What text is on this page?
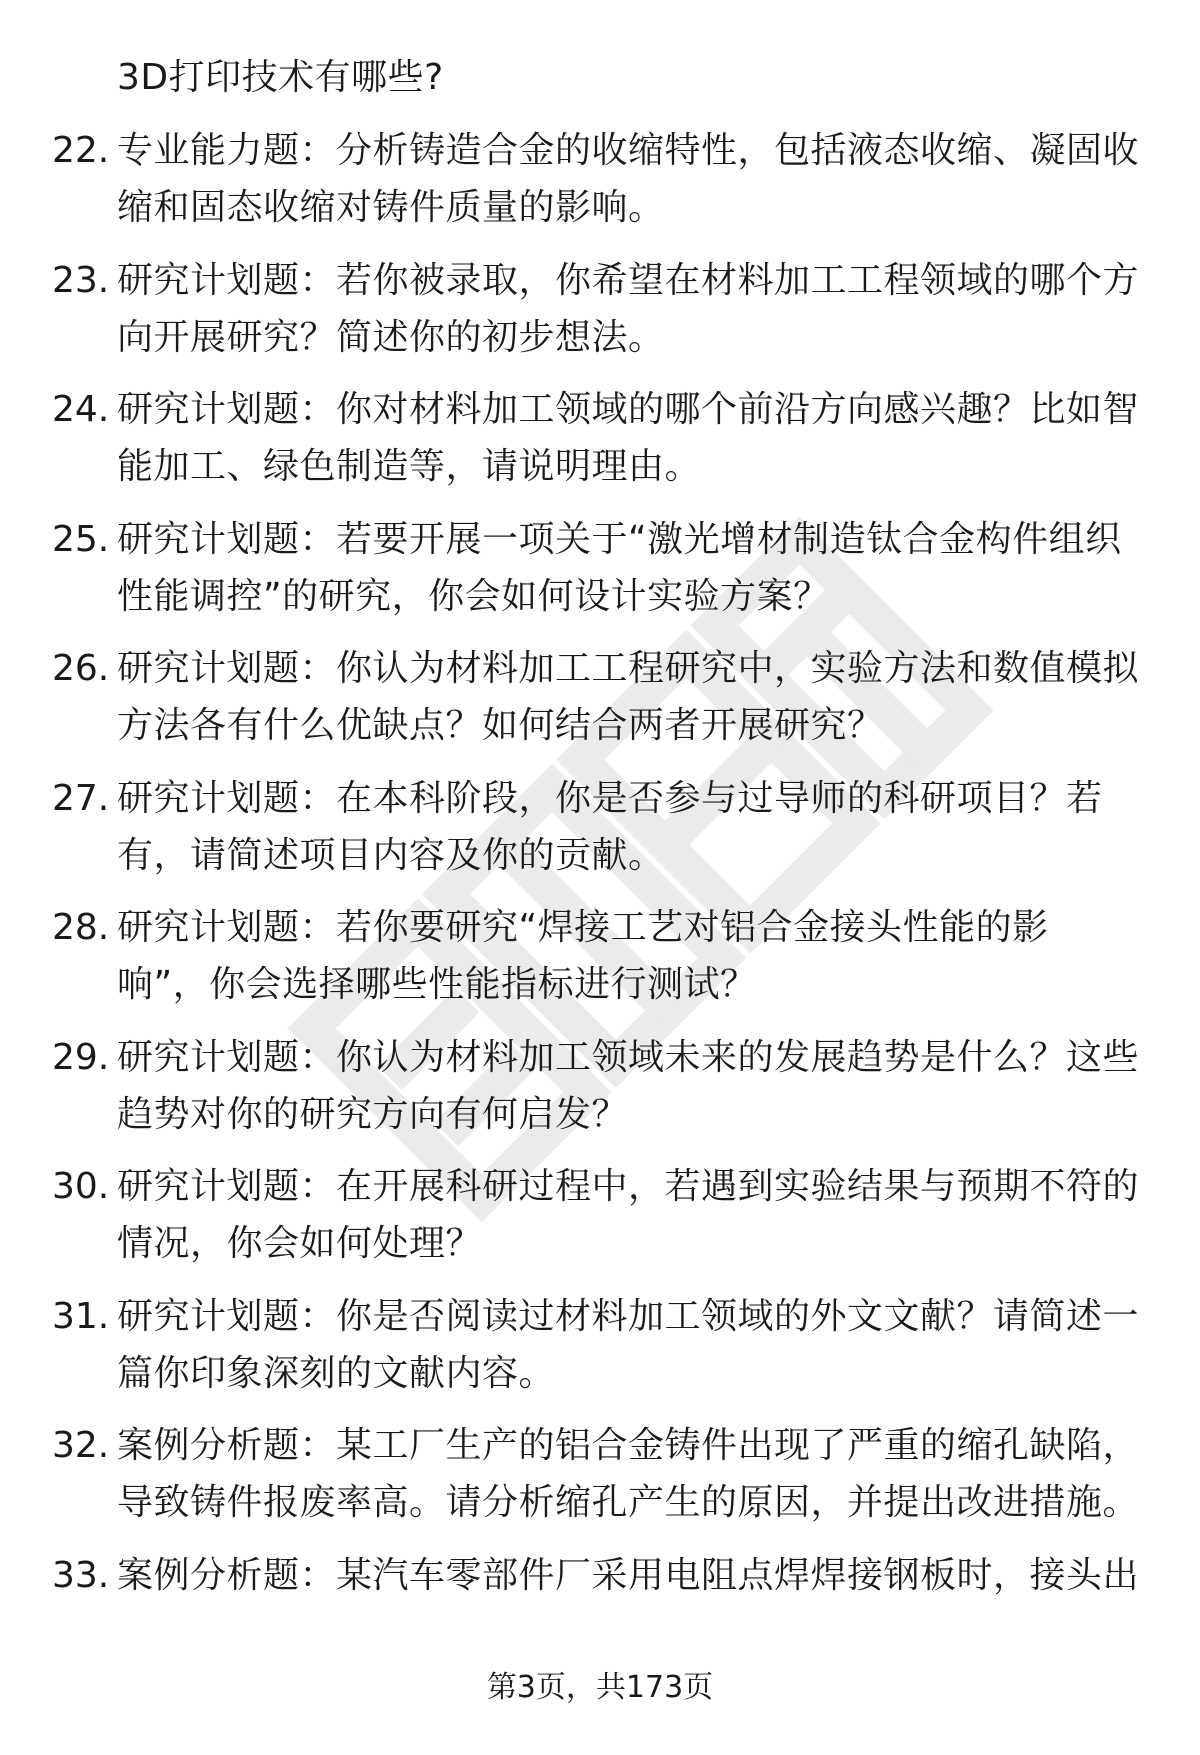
3D打印技术有哪些?
22. 专业能力题：分析铸造合金的收缩特性，包括液态收缩、凝固收
缩和固态收缩对铸件质量的影响。
23. 研究计划题：若你被录取，你希望在材料加工工程领域的哪个方
向开展研究？简述你的初步想法。
24. 研究计划题：你对材料加工领域的哪个前沿方向感兴趣？比如智
能加工、绿色制造等，请说明理由。
25. 研究计划题：若要开展一项关于“激光增材制造钛合金构件组织
性能调控”的研究，你会如何设计实验方案？
26. 研究计划题：你认为材料加工工程研究中，实验方法和数值模拟
方法各有什么优缺点？如何结合两者开展研究？
27. 研究计划题：在本科阶段，你是否参与过导师的科研项目？若
有，请简述项目内容及你的贡献。
28. 研究计划题：若你要研究“焊接工艺对铝合金接头性能的影
响”，你会选择哪些性能指标进行测试？
29. 研究计划题：你认为材料加工领域未来的发展趋势是什么？这些
趋势对你的研究方向有何启发？
30. 研究计划题：在开展科研过程中，若遇到实验结果与预期不符的
情况，你会如何处理？
31. 研究计划题：你是否阅读过材料加工领域的外文文献？请简述一
篇你印象深刻的文献内容。
32. 案例分析题：某工厂生产的铝合金铸件出现了严重的缩孔缺陷，
导致铸件报废率高。请分析缩孔产生的原因，并提出改进措施。
33. 案例分析题：某汽车零部件厂采用电阻点焊焊接钢板时，接头出
第3页，共173页
